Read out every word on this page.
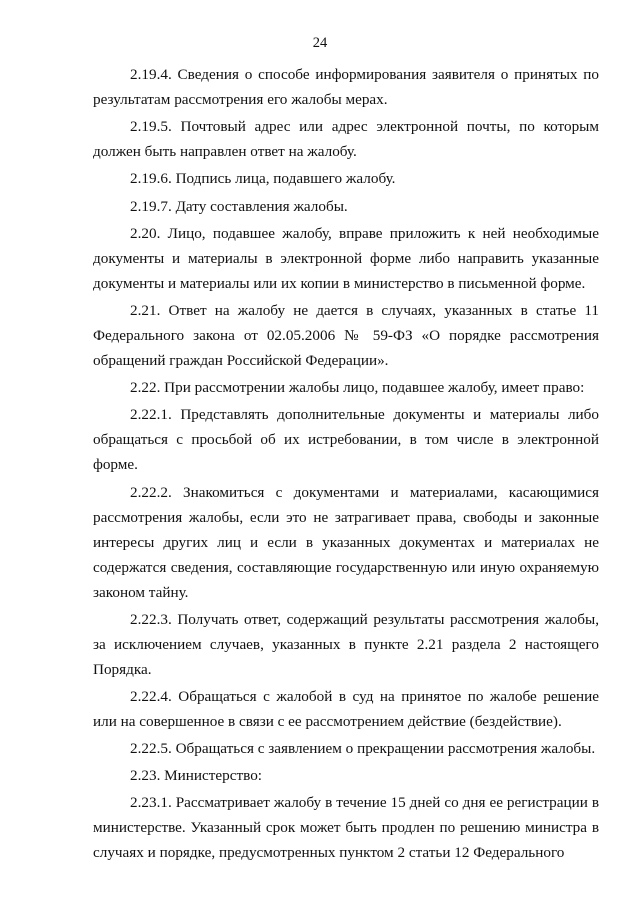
24

2.19.4. Сведения о способе информирования заявителя о принятых по результатам рассмотрения его жалобы мерах.

2.19.5. Почтовый адрес или адрес электронной почты, по которым должен быть направлен ответ на жалобу.

2.19.6. Подпись лица, подавшего жалобу.

2.19.7. Дату составления жалобы.

2.20. Лицо, подавшее жалобу, вправе приложить к ней необходимые документы и материалы в электронной форме либо направить указанные документы и материалы или их копии в министерство в письменной форме.

2.21. Ответ на жалобу не дается в случаях, указанных в статье 11 Федерального закона от 02.05.2006 № 59-ФЗ «О порядке рассмотрения обращений граждан Российской Федерации».

2.22. При рассмотрении жалобы лицо, подавшее жалобу, имеет право:

2.22.1. Представлять дополнительные документы и материалы либо обращаться с просьбой об их истребовании, в том числе в электронной форме.

2.22.2. Знакомиться с документами и материалами, касающимися рассмотрения жалобы, если это не затрагивает права, свободы и законные интересы других лиц и если в указанных документах и материалах не содержатся сведения, составляющие государственную или иную охраняемую законом тайну.

2.22.3. Получать ответ, содержащий результаты рассмотрения жалобы, за исключением случаев, указанных в пункте 2.21 раздела 2 настоящего Порядка.

2.22.4. Обращаться с жалобой в суд на принятое по жалобе решение или на совершенное в связи с ее рассмотрением действие (бездействие).

2.22.5. Обращаться с заявлением о прекращении рассмотрения жалобы.

2.23. Министерство:

2.23.1. Рассматривает жалобу в течение 15 дней со дня ее регистрации в министерстве. Указанный срок может быть продлен по решению министра в случаях и порядке, предусмотренных пунктом 2 статьи 12 Федерального
